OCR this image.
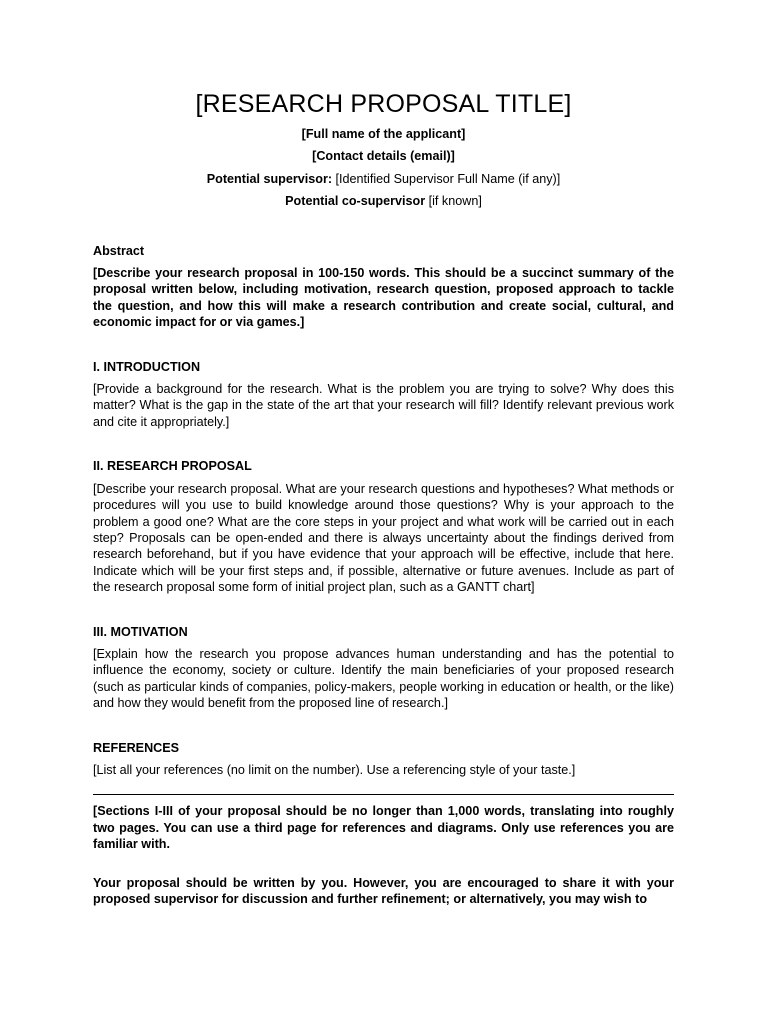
[RESEARCH PROPOSAL TITLE]
[Full name of the applicant]
[Contact details (email)]
Potential supervisor: [Identified Supervisor Full Name (if any)]
Potential co-supervisor [if known]
Abstract
[Describe your research proposal in 100-150 words. This should be a succinct summary of the proposal written below, including motivation, research question, proposed approach to tackle the question, and how this will make a research contribution and create social, cultural, and economic impact for or via games.]
I. INTRODUCTION
[Provide a background for the research. What is the problem you are trying to solve? Why does this matter? What is the gap in the state of the art that your research will fill? Identify relevant previous work and cite it appropriately.]
II. RESEARCH PROPOSAL
[Describe your research proposal. What are your research questions and hypotheses? What methods or procedures will you use to build knowledge around those questions? Why is your approach to the problem a good one? What are the core steps in your project and what work will be carried out in each step? Proposals can be open-ended and there is always uncertainty about the findings derived from research beforehand, but if you have evidence that your approach will be effective, include that here. Indicate which will be your first steps and, if possible, alternative or future avenues. Include as part of the research proposal some form of initial project plan, such as a GANTT chart]
III. MOTIVATION
[Explain how the research you propose advances human understanding and has the potential to influence the economy, society or culture. Identify the main beneficiaries of your proposed research (such as particular kinds of companies, policy-makers, people working in education or health, or the like) and how they would benefit from the proposed line of research.]
REFERENCES
[List all your references (no limit on the number). Use a referencing style of your taste.]
[Sections I-III of your proposal should be no longer than 1,000 words, translating into roughly two pages. You can use a third page for references and diagrams. Only use references you are familiar with.
Your proposal should be written by you. However, you are encouraged to share it with your proposed supervisor for discussion and further refinement; or alternatively, you may wish to
